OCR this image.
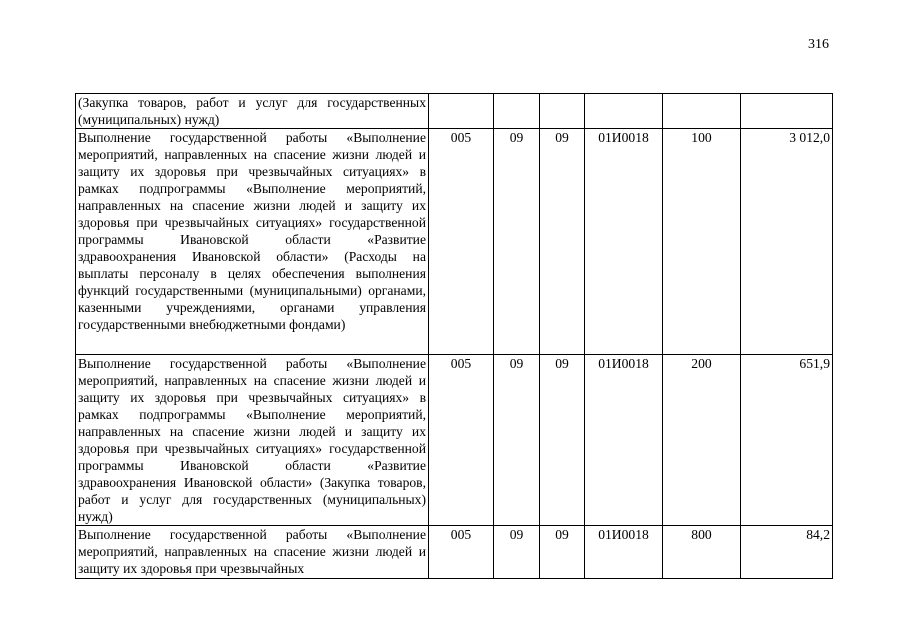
316
(Закупка товаров, работ и услуг для государственных (муниципальных) нужд)						
Выполнение государственной работы «Выполнение мероприятий, направленных на спасение жизни людей и защиту их здоровья при чрезвычайных ситуациях» в рамках подпрограммы «Выполнение мероприятий, направленных на спасение жизни людей и защиту их здоровья при чрезвычайных ситуациях» государственной программы Ивановской области «Развитие здравоохранения Ивановской области» (Расходы на выплаты персоналу в целях обеспечения выполнения функций государственными (муниципальными) органами, казенными учреждениями, органами управления государственными внебюджетными фондами)	005	09	09	01И0018	100	3 012,0
Выполнение государственной работы «Выполнение мероприятий, направленных на спасение жизни людей и защиту их здоровья при чрезвычайных ситуациях» в рамках подпрограммы «Выполнение мероприятий, направленных на спасение жизни людей и защиту их здоровья при чрезвычайных ситуациях» государственной программы Ивановской области «Развитие здравоохранения Ивановской области» (Закупка товаров, работ и услуг для государственных (муниципальных) нужд)	005	09	09	01И0018	200	651,9
Выполнение государственной работы «Выполнение мероприятий, направленных на спасение жизни людей и защиту их здоровья при чрезвычайных	005	09	09	01И0018	800	84,2
